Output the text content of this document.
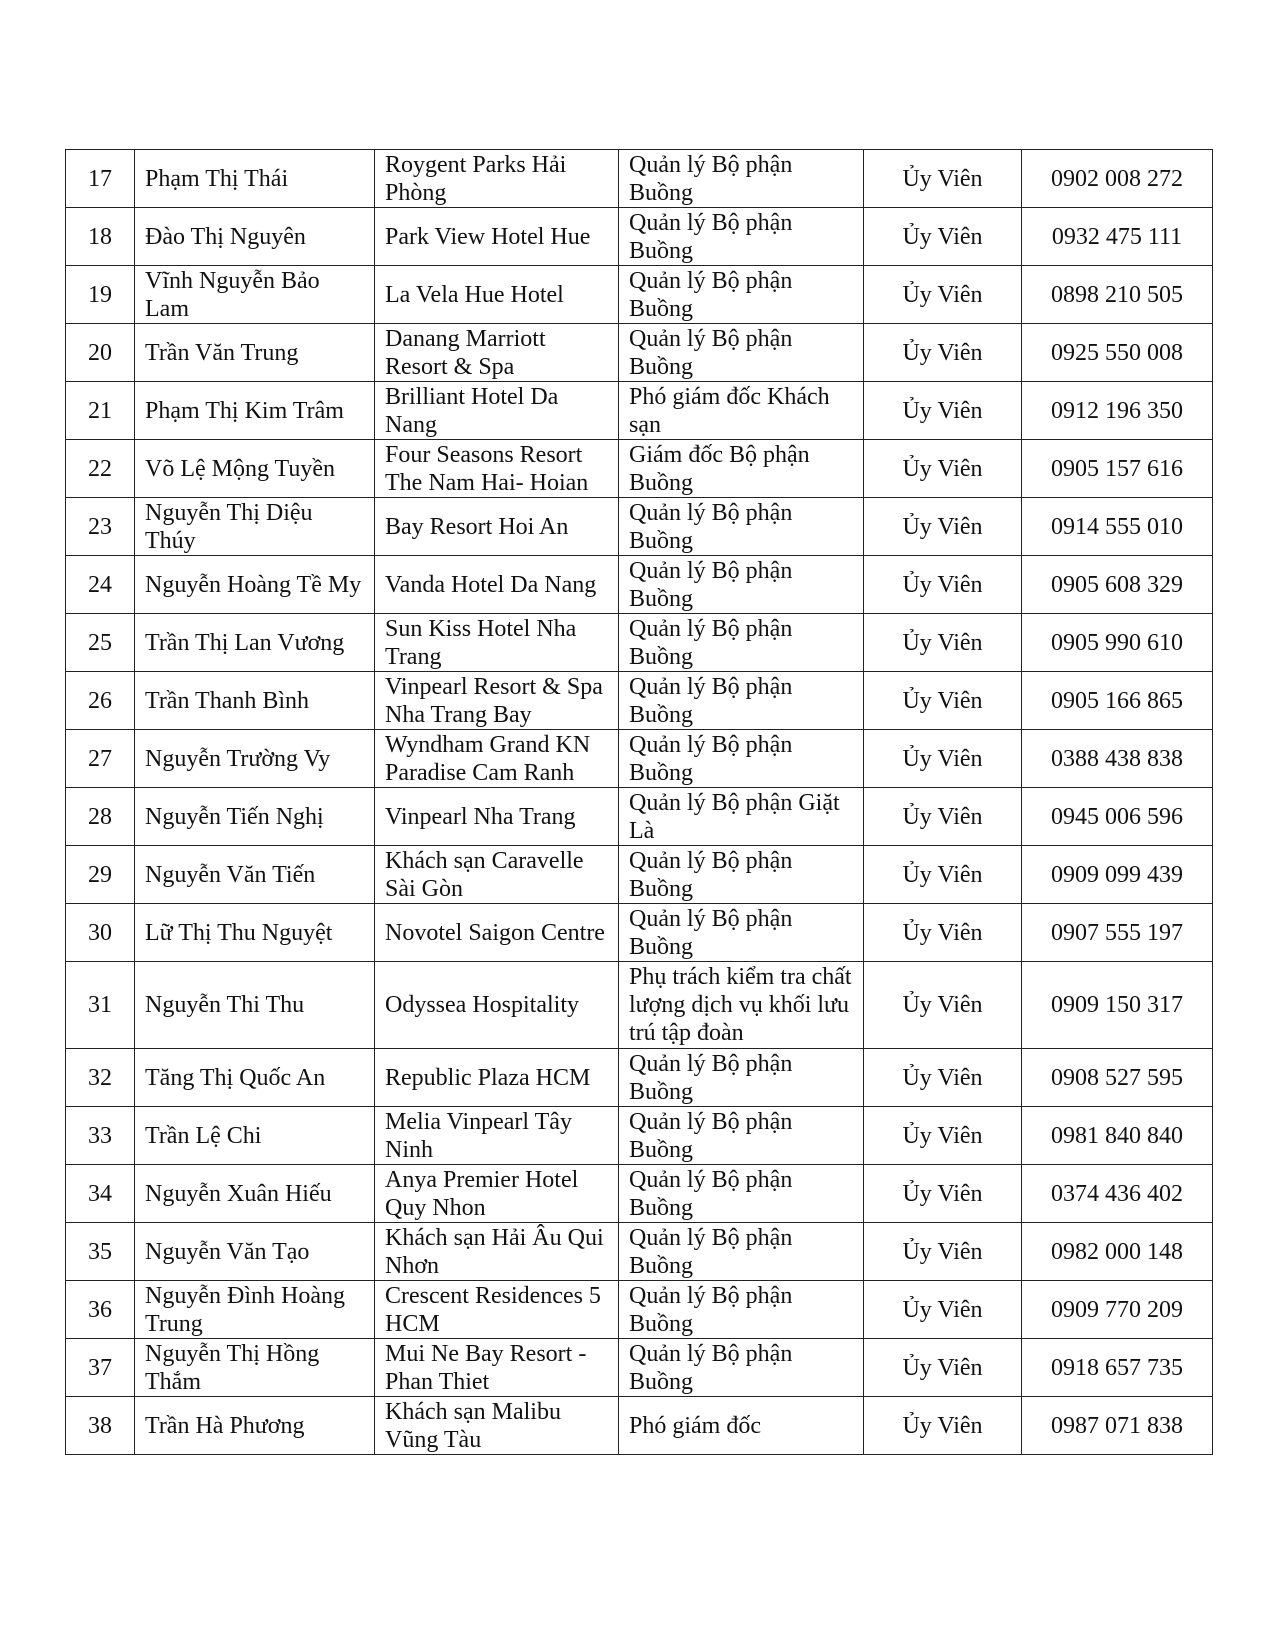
17	Phạm Thị Thái	Roygent Parks Hải Phòng	Quản lý Bộ phận Buồng	Ủy Viên	0902 008 272
18	Đào Thị Nguyên	Park View Hotel Hue	Quản lý Bộ phận Buồng	Ủy Viên	0932 475 111
19	Vĩnh Nguyễn Bảo Lam	La Vela Hue Hotel	Quản lý Bộ phận Buồng	Ủy Viên	0898 210 505
20	Trần Văn Trung	Danang Marriott Resort & Spa	Quản lý Bộ phận Buồng	Ủy Viên	0925 550 008
21	Phạm Thị Kim Trâm	Brilliant Hotel Da Nang	Phó giám đốc Khách sạn	Ủy Viên	0912 196 350
22	Võ Lệ Mộng Tuyền	Four Seasons Resort The Nam Hai- Hoian	Giám đốc Bộ phận Buồng	Ủy Viên	0905 157 616
23	Nguyễn Thị Diệu Thúy	Bay Resort Hoi An	Quản lý Bộ phận Buồng	Ủy Viên	0914 555 010
24	Nguyễn Hoàng Tề My	Vanda Hotel Da Nang	Quản lý Bộ phận Buồng	Ủy Viên	0905 608 329
25	Trần Thị Lan Vương	Sun Kiss Hotel Nha Trang	Quản lý Bộ phận Buồng	Ủy Viên	0905 990 610
26	Trần Thanh Bình	Vinpearl Resort & Spa Nha Trang Bay	Quản lý Bộ phận Buồng	Ủy Viên	0905 166 865
27	Nguyễn Trường Vy	Wyndham Grand KN Paradise Cam Ranh	Quản lý Bộ phận Buồng	Ủy Viên	0388 438 838
28	Nguyễn Tiến Nghị	Vinpearl Nha Trang	Quản lý Bộ phận Giặt Là	Ủy Viên	0945 006 596
29	Nguyễn Văn Tiến	Khách sạn Caravelle Sài Gòn	Quản lý Bộ phận Buồng	Ủy Viên	0909 099 439
30	Lữ Thị Thu Nguyệt	Novotel Saigon Centre	Quản lý Bộ phận Buồng	Ủy Viên	0907 555 197
31	Nguyễn Thi Thu	Odyssea Hospitality	Phụ trách kiểm tra chất lượng dịch vụ khối lưu trú tập đoàn	Ủy Viên	0909 150 317
32	Tăng Thị Quốc An	Republic Plaza HCM	Quản lý Bộ phận Buồng	Ủy Viên	0908 527 595
33	Trần Lệ Chi	Melia Vinpearl Tây Ninh	Quản lý Bộ phận Buồng	Ủy Viên	0981 840 840
34	Nguyễn Xuân Hiếu	Anya Premier Hotel Quy Nhon	Quản lý Bộ phận Buồng	Ủy Viên	0374 436 402
35	Nguyễn Văn Tạo	Khách sạn Hải Âu Qui Nhơn	Quản lý Bộ phận Buồng	Ủy Viên	0982 000 148
36	Nguyễn Đình Hoàng Trung	Crescent Residences 5 HCM	Quản lý Bộ phận Buồng	Ủy Viên	0909 770 209
37	Nguyễn Thị Hồng Thắm	Mui Ne Bay Resort - Phan Thiet	Quản lý Bộ phận Buồng	Ủy Viên	0918 657 735
38	Trần Hà Phương	Khách sạn Malibu Vũng Tàu	Phó giám đốc	Ủy Viên	0987 071 838
